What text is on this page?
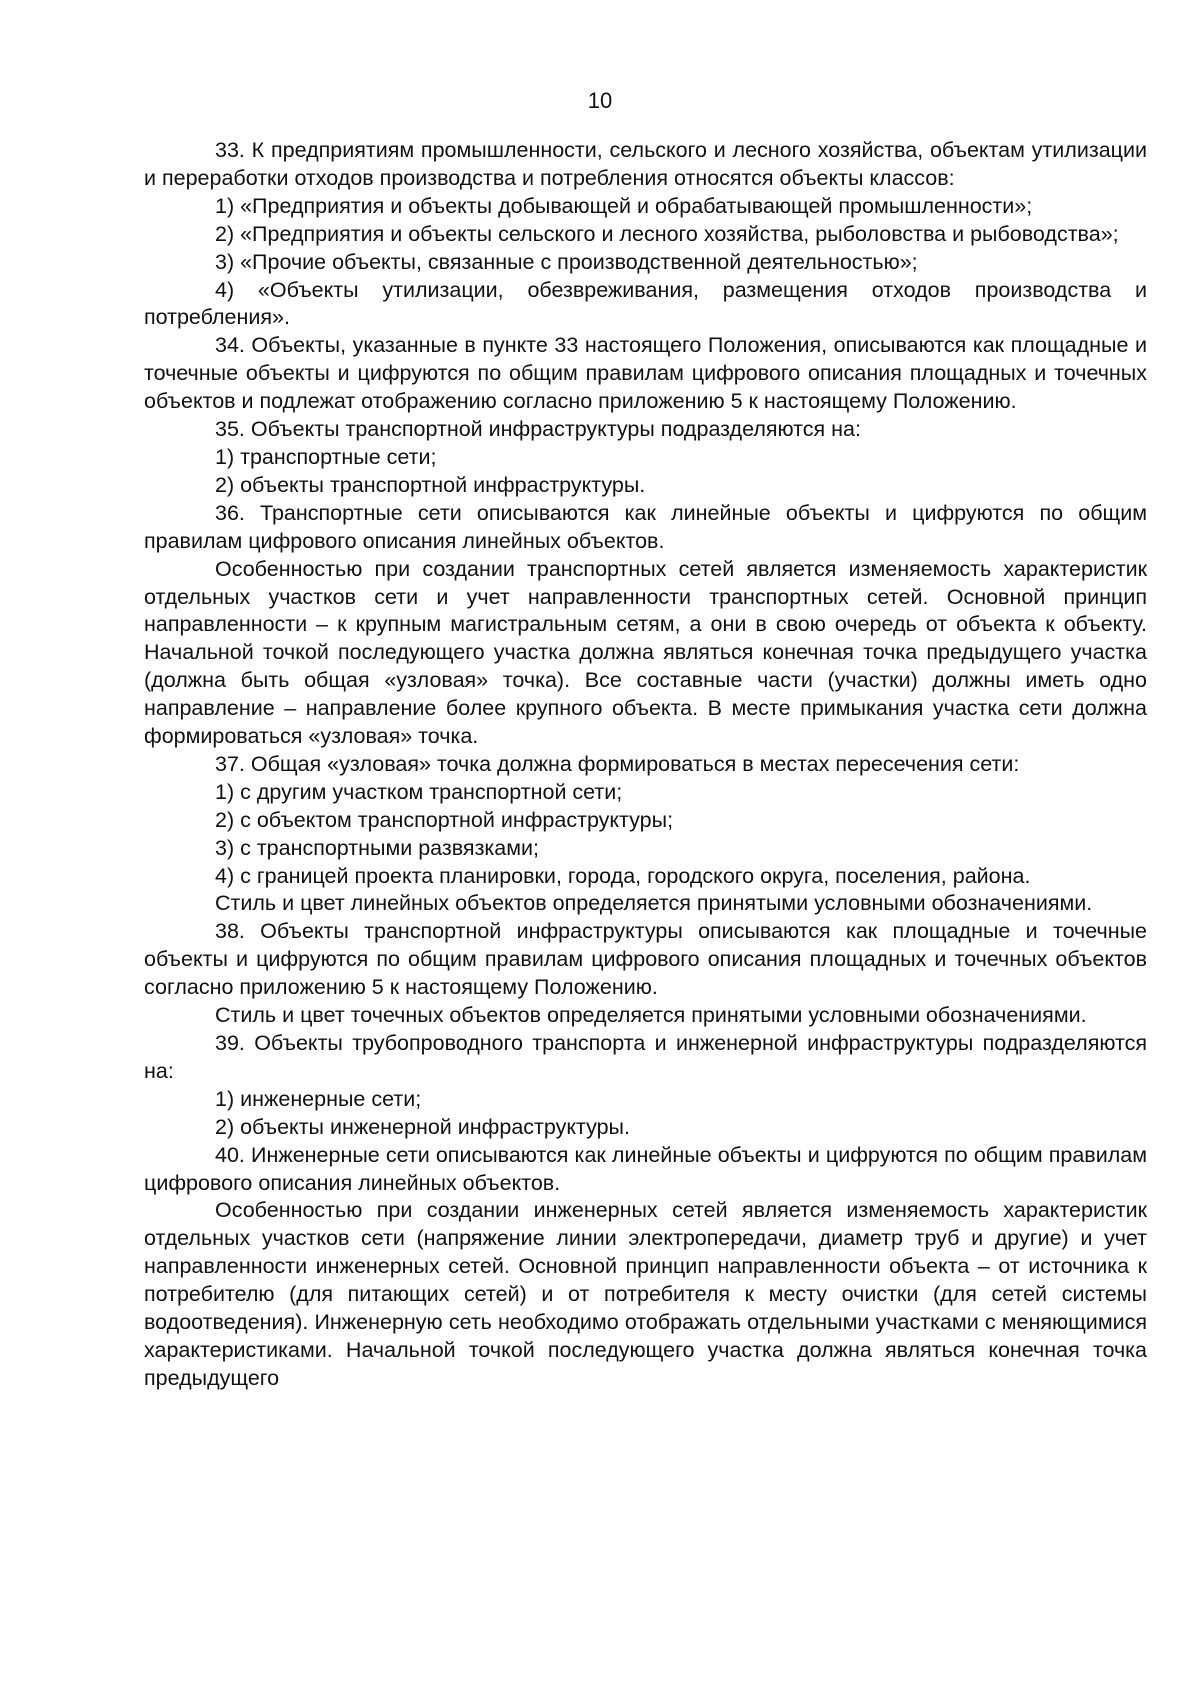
10

33. К предприятиям промышленности, сельского и лесного хозяйства, объектам утилизации и переработки отходов производства и потребления относятся объекты классов:

1) «Предприятия и объекты добывающей и обрабатывающей промышленности»;

2) «Предприятия и объекты сельского и лесного хозяйства, рыболовства и рыбоводства»;

3) «Прочие объекты, связанные с производственной деятельностью»;

4) «Объекты утилизации, обезвреживания, размещения отходов производства и потребления».

34. Объекты, указанные в пункте 33 настоящего Положения, описываются как площадные и точечные объекты и цифруются по общим правилам цифрового описания площадных и точечных объектов и подлежат отображению согласно приложению 5 к настоящему Положению.

35. Объекты транспортной инфраструктуры подразделяются на:

1) транспортные сети;

2) объекты транспортной инфраструктуры.

36. Транспортные сети описываются как линейные объекты и цифруются по общим правилам цифрового описания линейных объектов.

Особенностью при создании транспортных сетей является изменяемость характеристик отдельных участков сети и учет направленности транспортных сетей. Основной принцип направленности – к крупным магистральным сетям, а они в свою очередь от объекта к объекту. Начальной точкой последующего участка должна являться конечная точка предыдущего участка (должна быть общая «узловая» точка). Все составные части (участки) должны иметь одно направление – направление более крупного объекта. В месте примыкания участка сети должна формироваться «узловая» точка.

37. Общая «узловая» точка должна формироваться в местах пересечения сети:

1) с другим участком транспортной сети;

2) с объектом транспортной инфраструктуры;

3) с транспортными развязками;

4) с границей проекта планировки, города, городского округа, поселения, района.

Стиль и цвет линейных объектов определяется принятыми условными обозначениями.

38. Объекты транспортной инфраструктуры описываются как площадные и точечные объекты и цифруются по общим правилам цифрового описания площадных и точечных объектов согласно приложению 5 к настоящему Положению.

Стиль и цвет точечных объектов определяется принятыми условными обозначениями.

39. Объекты трубопроводного транспорта и инженерной инфраструктуры подразделяются на:

1) инженерные сети;

2) объекты инженерной инфраструктуры.

40. Инженерные сети описываются как линейные объекты и цифруются по общим правилам цифрового описания линейных объектов.

Особенностью при создании инженерных сетей является изменяемость характеристик отдельных участков сети (напряжение линии электропередачи, диаметр труб и другие) и учет направленности инженерных сетей. Основной принцип направленности объекта – от источника к потребителю (для питающих сетей) и от потребителя к месту очистки (для сетей системы водоотведения). Инженерную сеть необходимо отображать отдельными участками с меняющимися характеристиками. Начальной точкой последующего участка должна являться конечная точка предыдущего
